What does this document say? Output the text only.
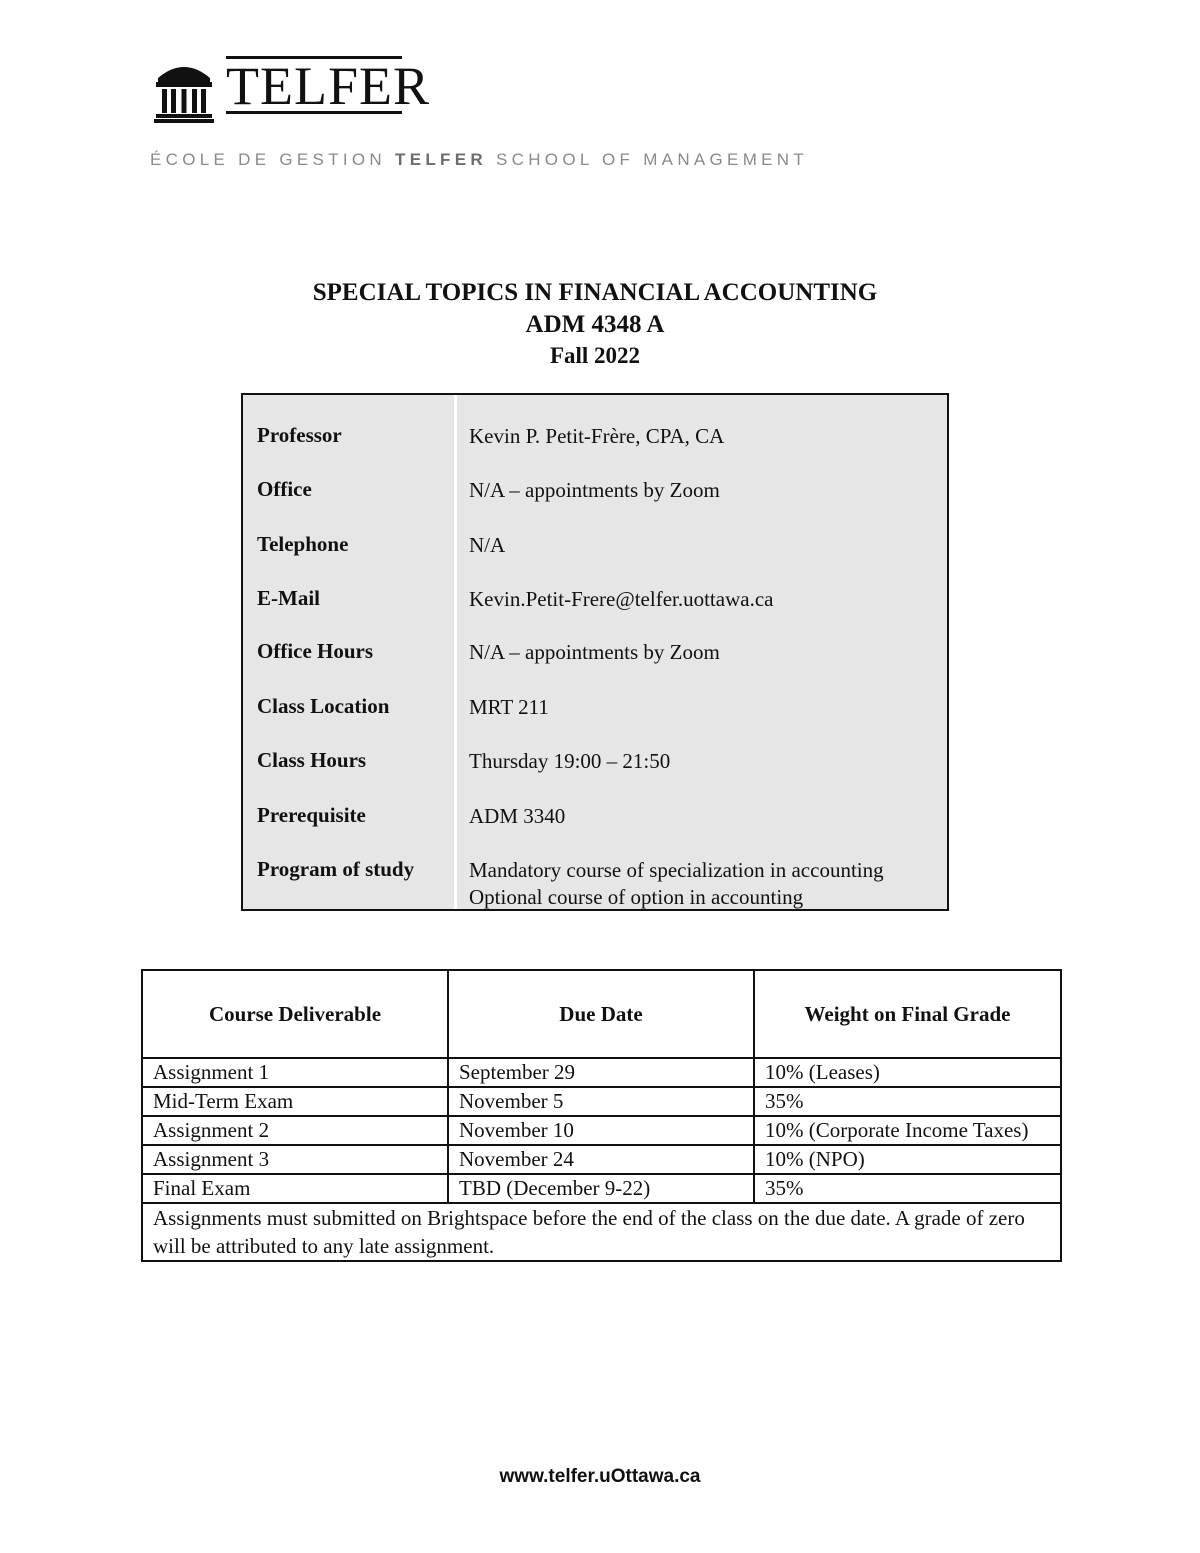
TELFER
ÉCOLE DE GESTION TELFER SCHOOL OF MANAGEMENT
SPECIAL TOPICS IN FINANCIAL ACCOUNTING
ADM 4348 A
Fall 2022
Professor	Kevin P. Petit-Frère, CPA, CA
Office	N/A – appointments by Zoom
Telephone	N/A
E-Mail	Kevin.Petit-Frere@telfer.uottawa.ca
Office Hours	N/A – appointments by Zoom
Class Location	MRT 211
Class Hours	Thursday 19:00 – 21:50
Prerequisite	ADM 3340
Program of study	Mandatory course of specialization in accounting
Optional course of option in accounting
Course Deliverable	Due Date	Weight on Final Grade
Assignment 1	September 29	10% (Leases)
Mid-Term Exam	November 5	35%
Assignment 2	November 10	10% (Corporate Income Taxes)
Assignment 3	November 24	10% (NPO)
Final Exam	TBD (December 9-22)	35%
Assignments must submitted on Brightspace before the end of the class on the due date. A grade of zero will be attributed to any late assignment.		
www.telfer.uOttawa.ca
